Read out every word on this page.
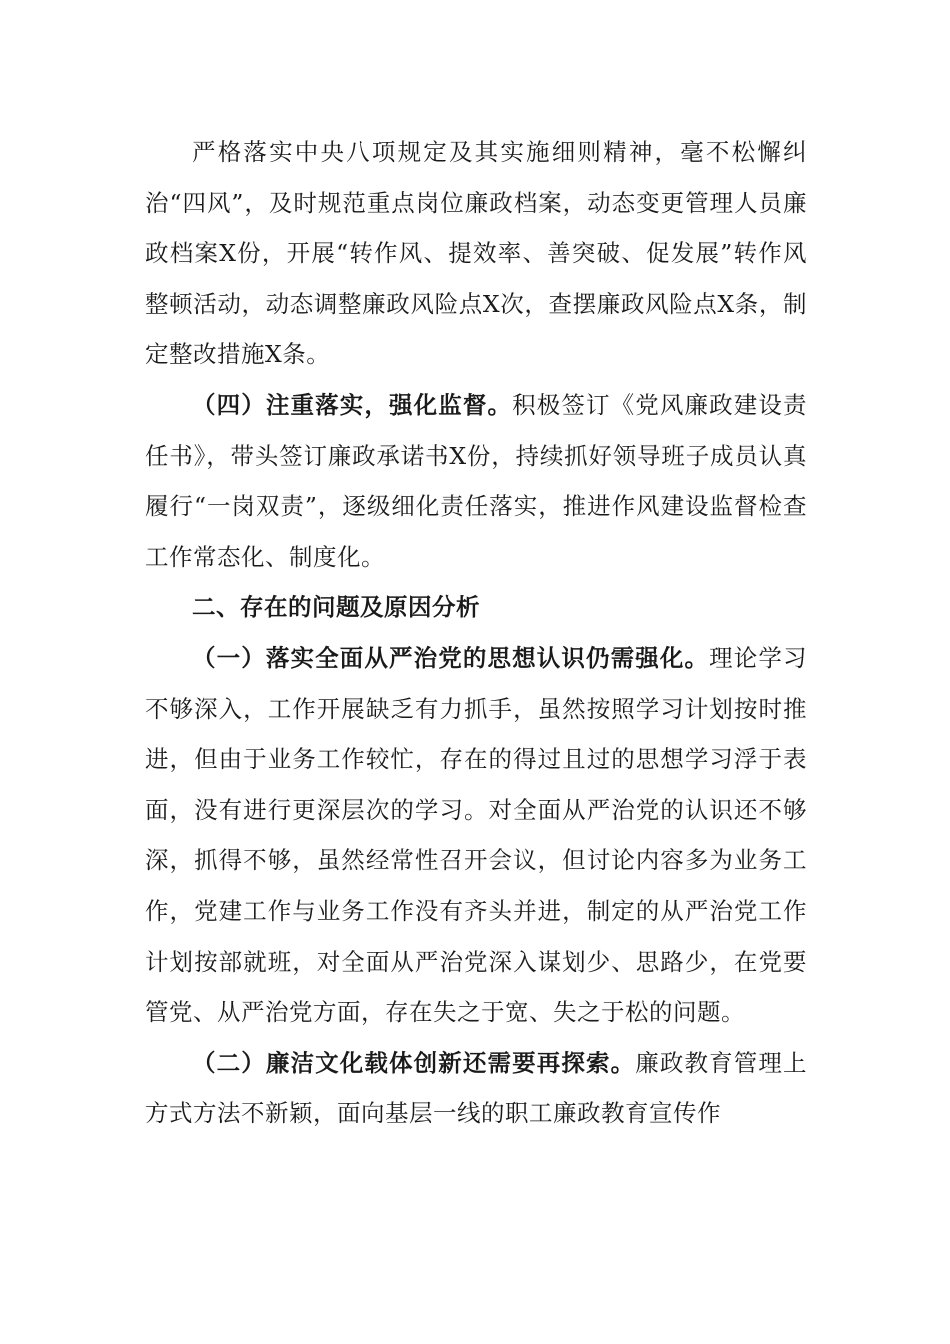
严格落实中央八项规定及其实施细则精神，毫不松懈纠治“四风”，及时规范重点岗位廉政档案，动态变更管理人员廉政档案X份，开展“转作风、提效率、善突破、促发展”转作风整顿活动，动态调整廉政风险点X次，查摆廉政风险点X条，制定整改措施X条。

（四）注重落实，强化监督。积极签订《党风廉政建设责任书》，带头签订廉政承诺书X份，持续抓好领导班子成员认真履行“一岗双责”，逐级细化责任落实，推进作风建设监督检查工作常态化、制度化。

二、存在的问题及原因分析

（一）落实全面从严治党的思想认识仍需强化。理论学习不够深入，工作开展缺乏有力抓手，虽然按照学习计划按时推进，但由于业务工作较忙，存在的得过且过的思想学习浮于表面，没有进行更深层次的学习。对全面从严治党的认识还不够深，抓得不够，虽然经常性召开会议，但讨论内容多为业务工作，党建工作与业务工作没有齐头并进，制定的从严治党工作计划按部就班，对全面从严治党深入谋划少、思路少，在党要管党、从严治党方面，存在失之于宽、失之于松的问题。

（二）廉洁文化载体创新还需要再探索。廉政教育管理上方式方法不新颖，面向基层一线的职工廉政教育宣传作
